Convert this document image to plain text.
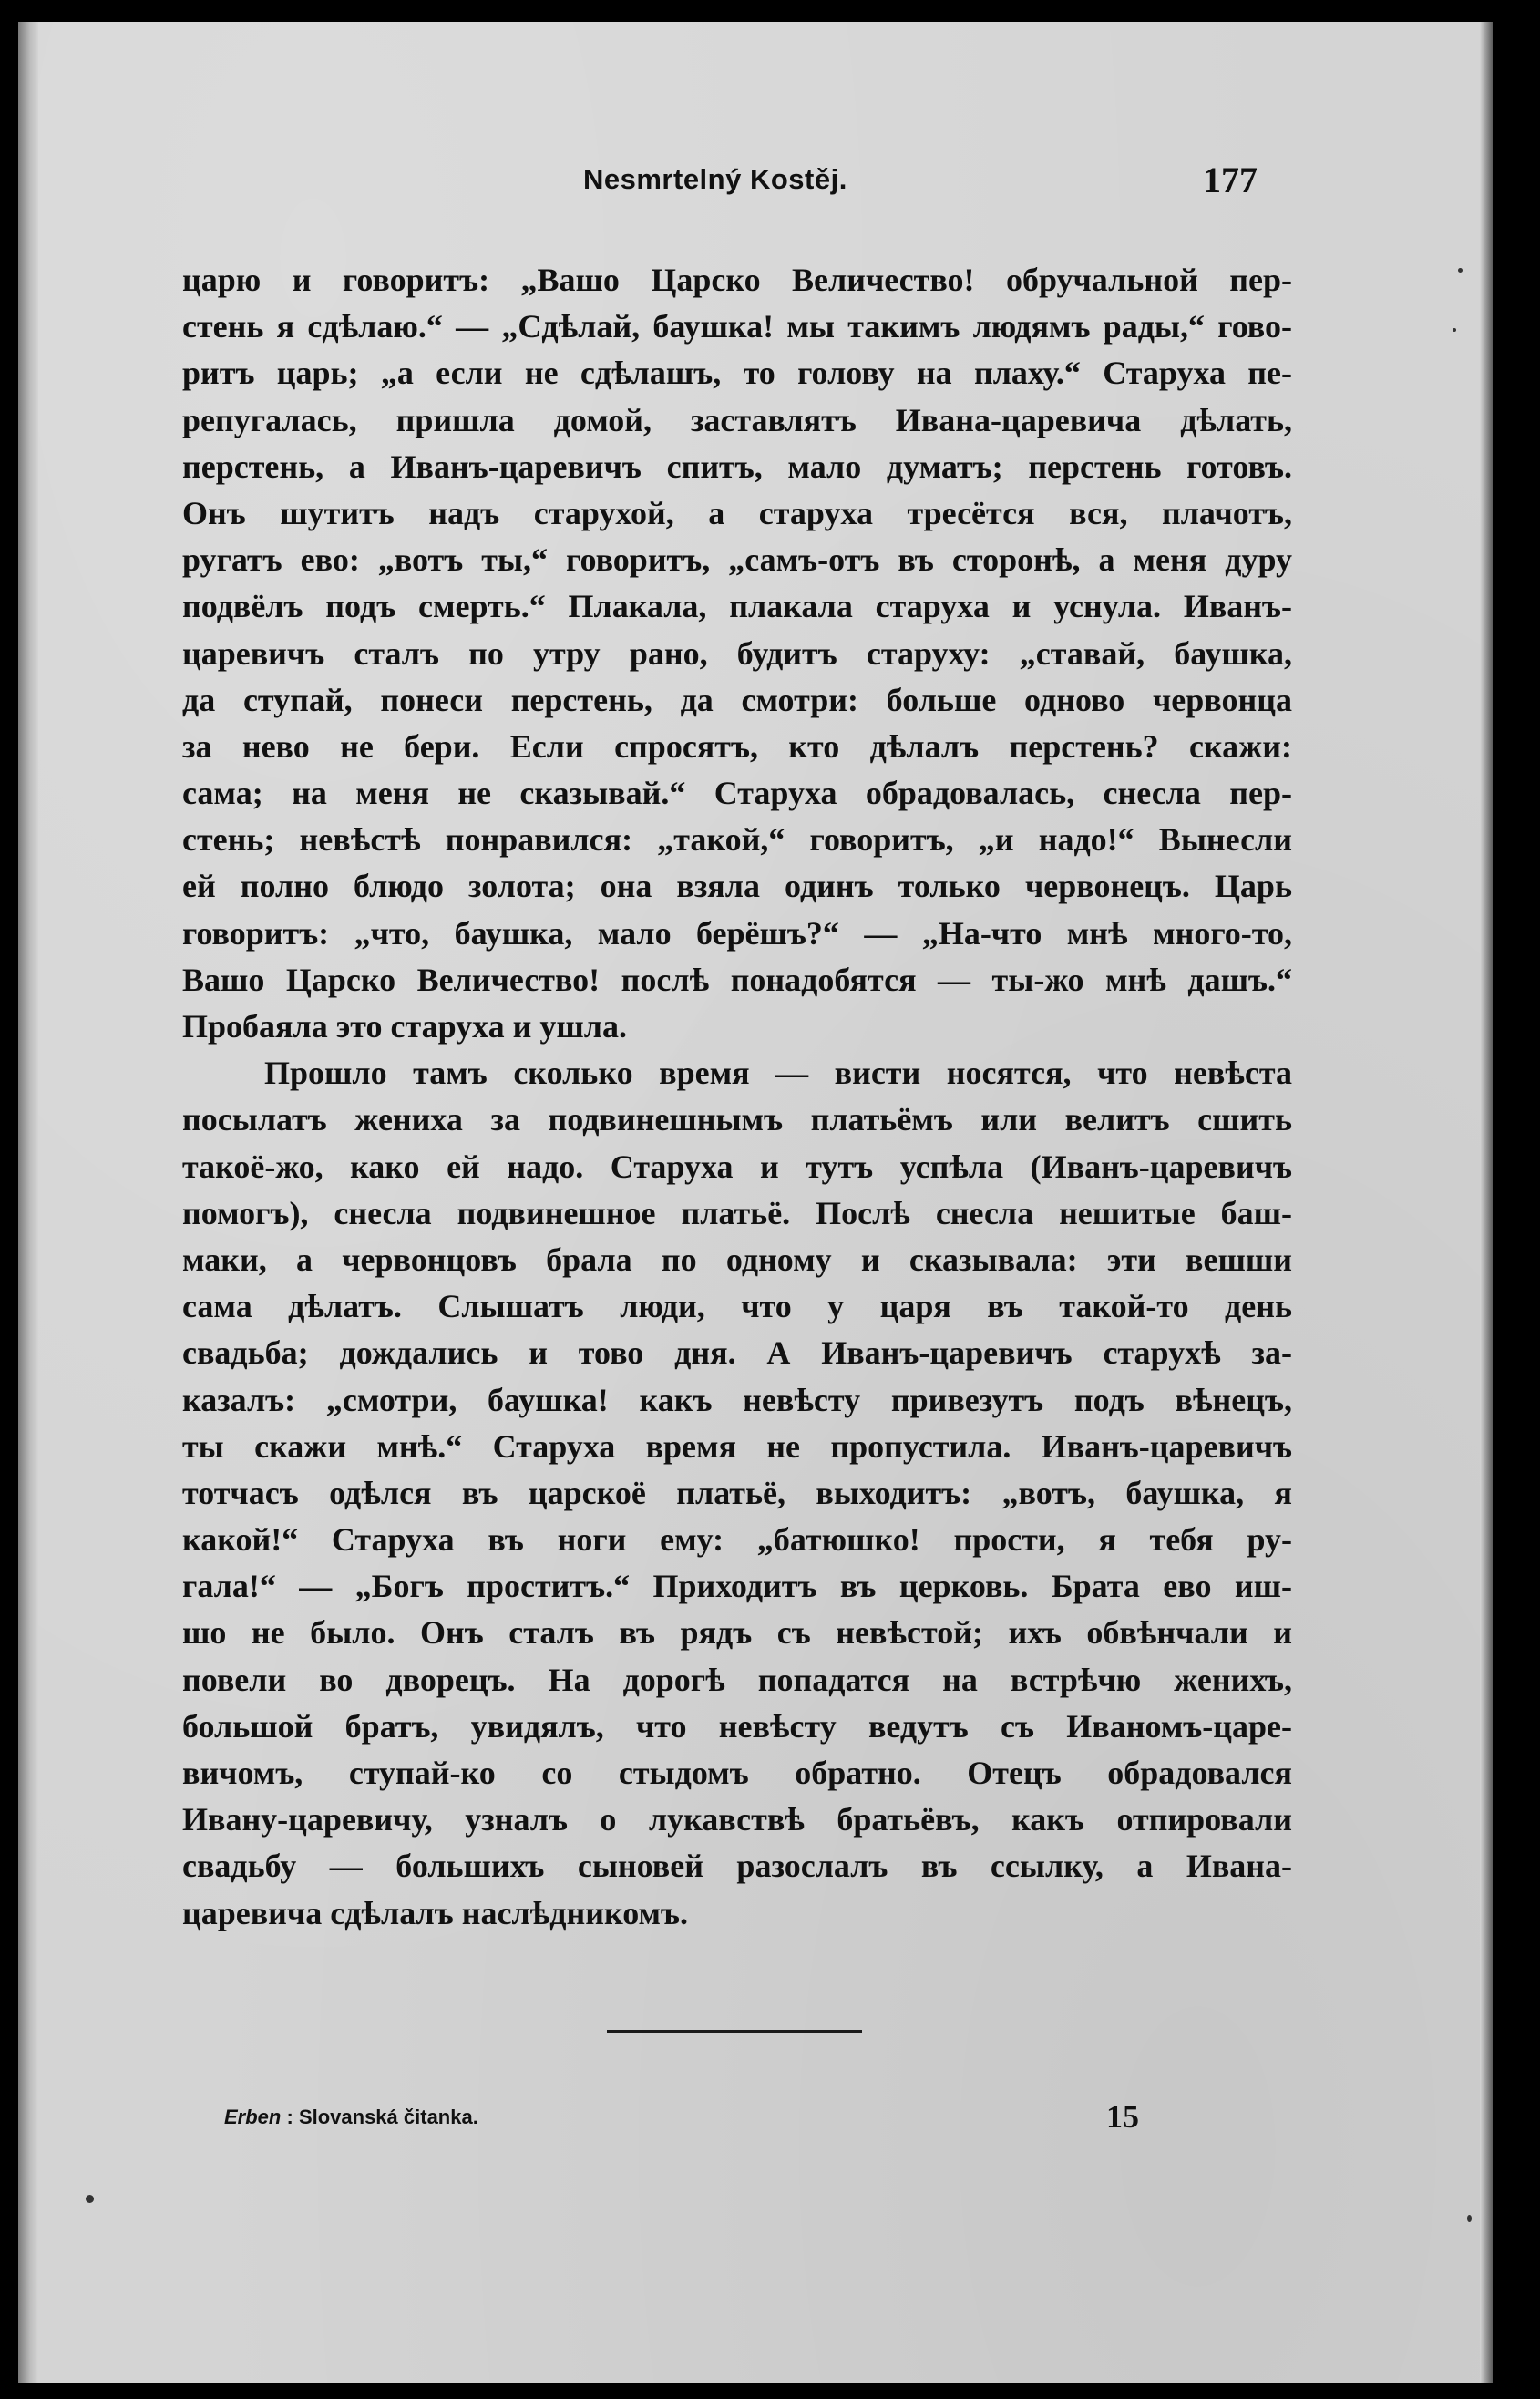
Nesmrtelný Kostěj.	177
царю и говоритъ: „Вашо Царско Величество! обручальной пер-
стень я сдѣлаю.“ — „Сдѣлай, баушка! мы такимъ людямъ рады,“ гово-
ритъ царь; „а если не сдѣлашъ, то голову на плаху.“ Старуха пе-
репугалась, пришла домой, заставлятъ Ивана-царевича дѣлать,
перстень, а Иванъ-царевичъ спитъ, мало думатъ; перстень готовъ.
Онъ шутитъ надъ старухой, а старуха тресётся вся, плачотъ,
ругатъ ево: „вотъ ты,“ говоритъ, „самъ-отъ въ сторонѣ, а меня дуру
подвёлъ подъ смерть.“ Плакала, плакала старуха и уснула. Иванъ-
царевичъ сталъ по утру рано, будитъ старуху: „ставай, баушка,
да ступай, понеси перстень, да смотри: больше одново червонца
за нево не бери. Если спросятъ, кто дѣлалъ перстень? скажи:
сама; на меня не сказывай.“ Старуха обрадовалась, снесла пер-
стень; невѣстѣ понравился: „такой,“ говоритъ, „и надо!“ Вынесли
ей полно блюдо золота; она взяла одинъ только червонецъ. Царь
говоритъ: „что, баушка, мало берёшъ?“ — „На-что мнѣ много-то,
Вашо Царско Величество! послѣ понадобятся — ты-жо мнѣ дашъ.“
Пробаяла это старуха и ушла.
Прошло тамъ сколько время — висти носятся, что невѣста
посылатъ жениха за подвинешнымъ платьёмъ или велитъ сшить
такоё-жо, како ей надо. Старуха и тутъ успѣла (Иванъ-царевичъ
помогъ), снесла подвинешное платьё. Послѣ снесла нешитые баш-
маки, а червонцовъ брала по одному и сказывала: эти вешши
сама дѣлатъ. Слышатъ люди, что у царя въ такой-то день
свадьба; дождались и тово дня. А Иванъ-царевичъ старухѣ за-
казалъ: „смотри, баушка! какъ невѣсту привезутъ подъ вѣнецъ,
ты скажи мнѣ.“ Старуха время не пропустила. Иванъ-царевичъ
тотчасъ одѣлся въ царскоё платьё, выходитъ: „вотъ, баушка, я
какой!“ Старуха въ ноги ему: „батюшко! прости, я тебя ру-
гала!“ — „Богъ проститъ.“ Приходитъ въ церковь. Брата ево иш-
шо не было. Онъ сталъ въ рядъ съ невѣстой; ихъ обвѣнчали и
повели во дворецъ. На дорогѣ попадатся на встрѣчю женихъ,
большой братъ, увидялъ, что невѣсту ведутъ съ Иваномъ-царе-
вичомъ, ступай-ко со стыдомъ обратно. Отецъ обрадовался
Ивану-царевичу, узналъ о лукавствѣ братьёвъ, какъ отпировали
свадьбу — большихъ сыновей разослалъ въ ссылку, а Ивана-
царевича сдѣлалъ наслѣдникомъ.
Erben : Slovanská čitanka.	15
